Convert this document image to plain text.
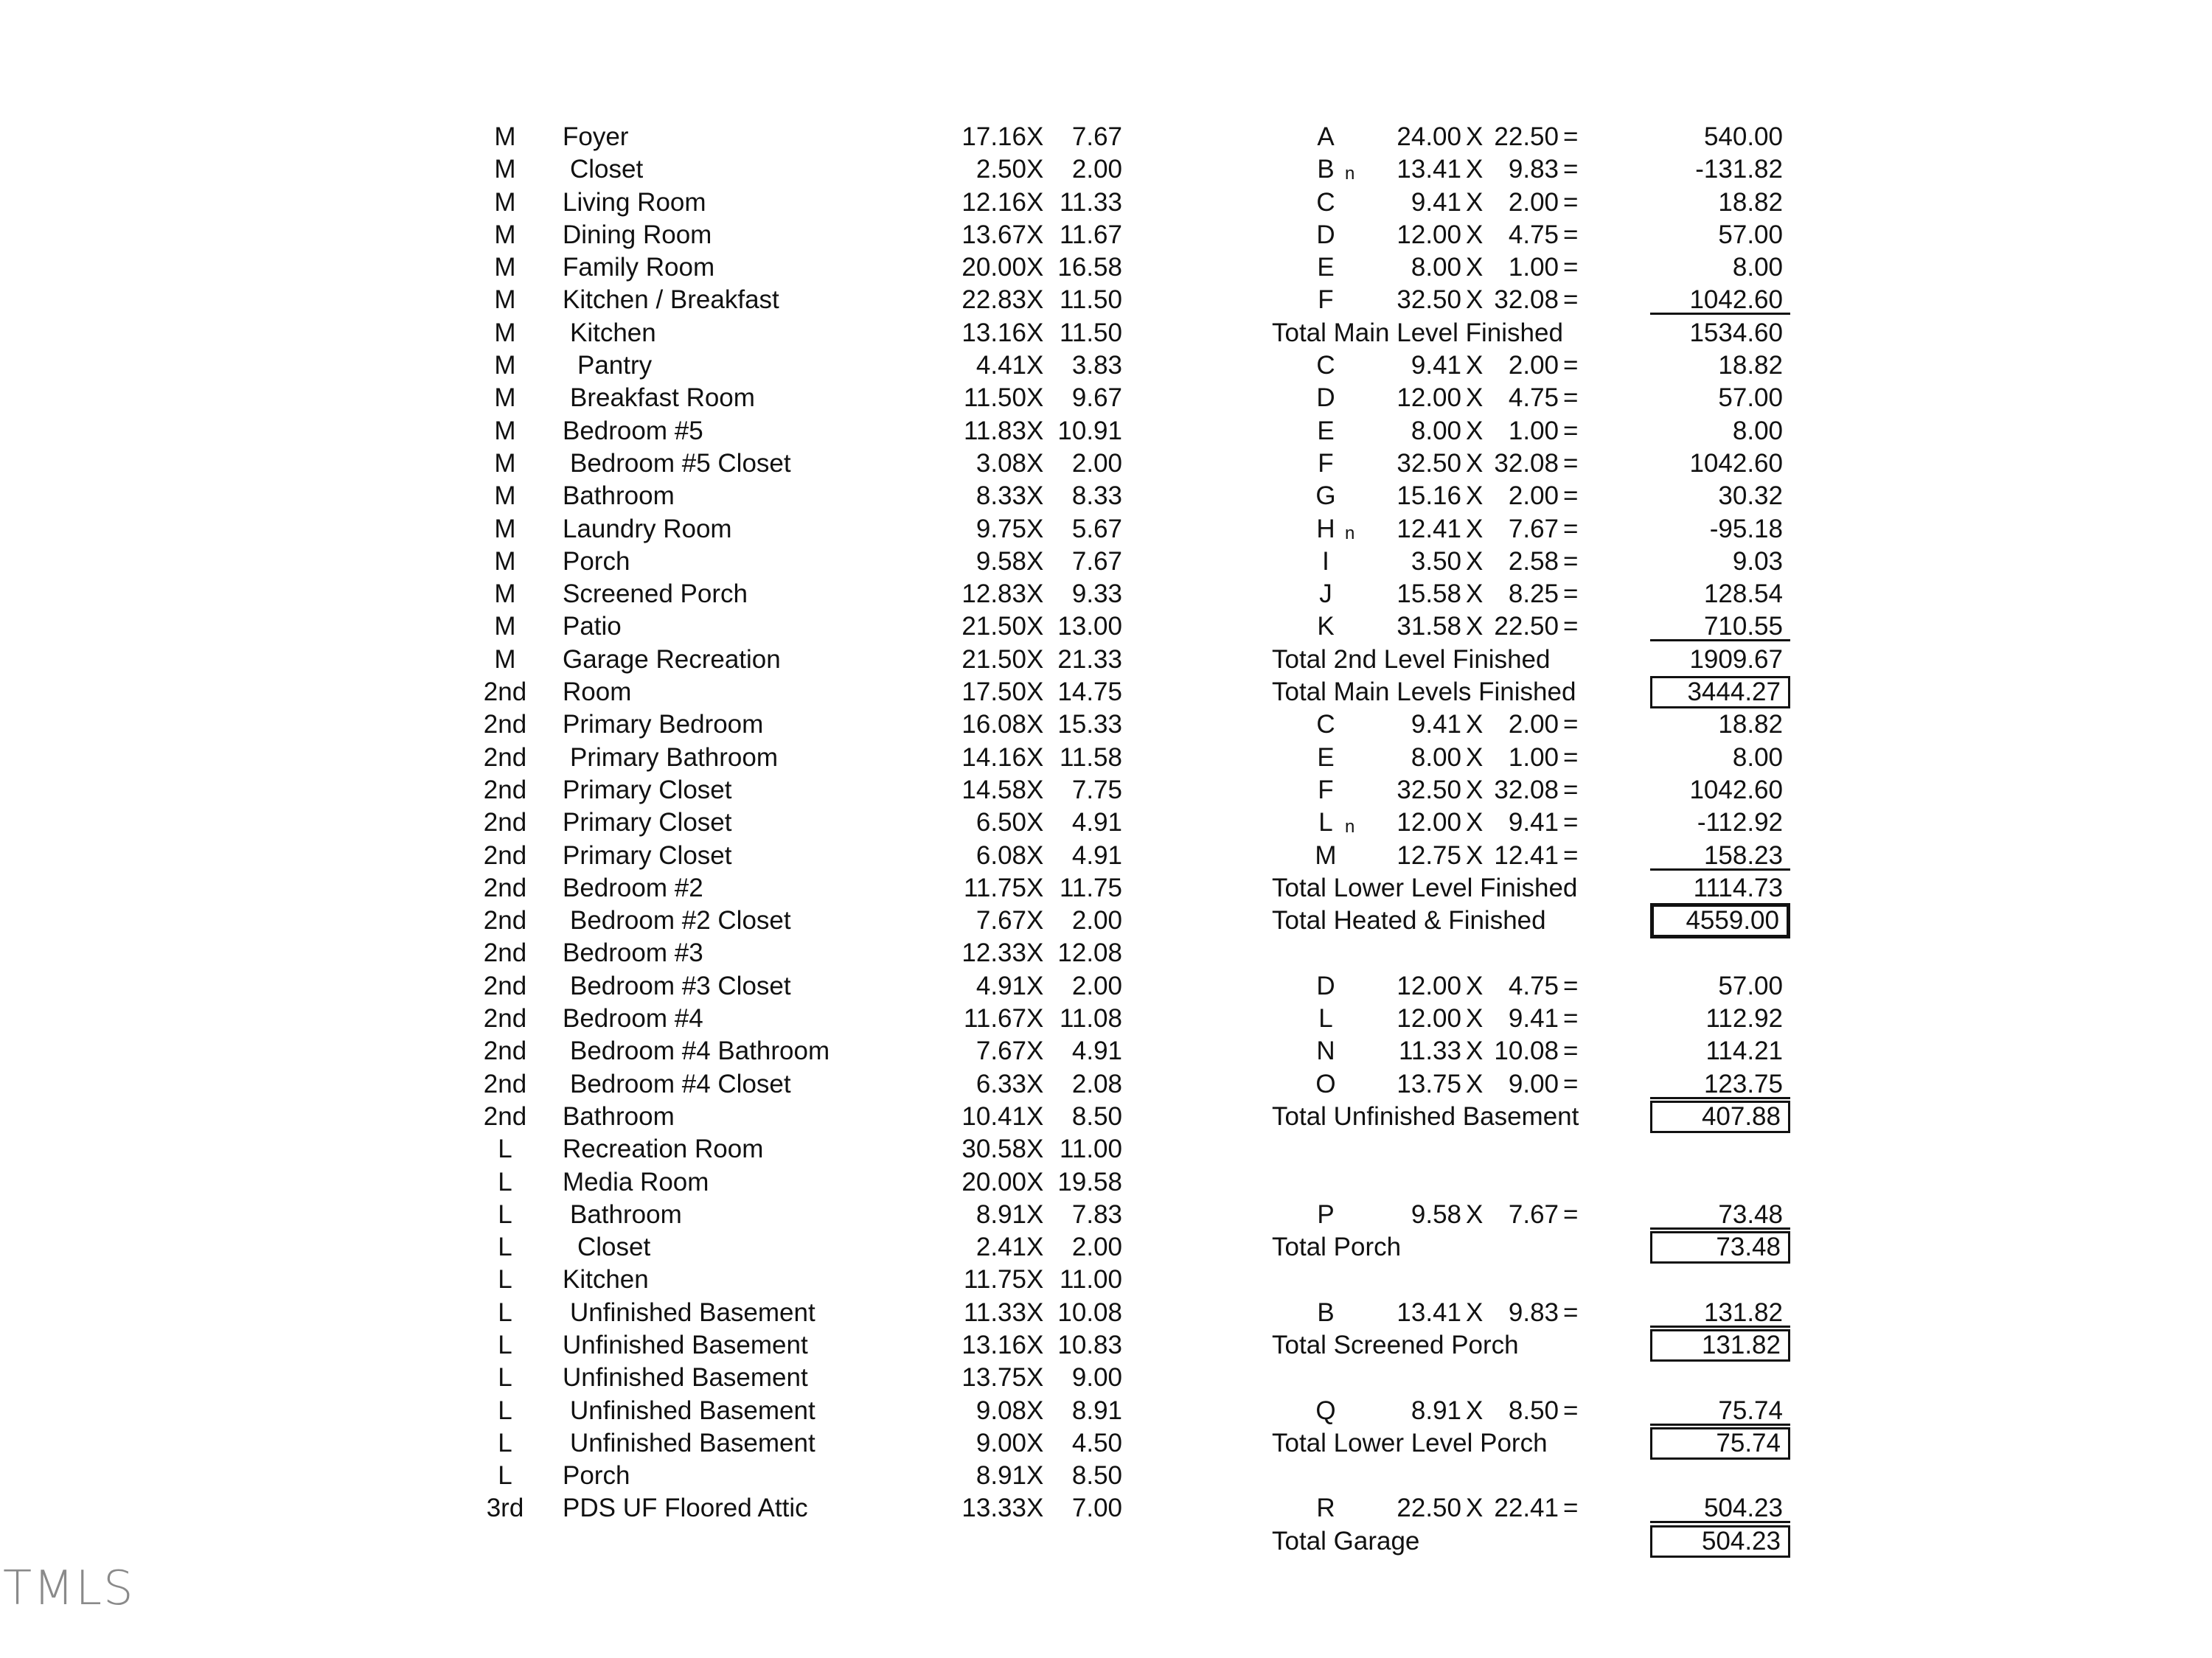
M	Foyer	17.16 X	7.67
M	Closet	2.50 X	2.00
M	Living Room	12.16 X 11.33
M	Dining Room	13.67 X 11.67
M	Family Room	20.00 X 16.58
M	Kitchen / Breakfast	22.83 X 11.50
M	Kitchen	13.16 X 11.50
M	Pantry	4.41 X	3.83
M	Breakfast Room	11.50 X	9.67
M	Bedroom #5	11.83 X 10.91
M	Bedroom #5 Closet	3.08 X	2.00
M	Bathroom	8.33 X	8.33
M	Laundry Room	9.75 X	5.67
M	Porch	9.58 X	7.67
M	Screened Porch	12.83 X	9.33
M	Patio	21.50 X 13.00
M	Garage Recreation	21.50 X 21.33
2nd	Room	17.50 X 14.75
2nd	Primary Bedroom	16.08 X 15.33
2nd	Primary Bathroom	14.16 X 11.58
2nd	Primary Closet	14.58 X	7.75
2nd	Primary Closet	6.50 X	4.91
2nd	Primary Closet	6.08 X	4.91
2nd	Bedroom #2	11.75 X 11.75
2nd	Bedroom #2 Closet	7.67 X	2.00
2nd	Bedroom #3	12.33 X 12.08
2nd	Bedroom #3 Closet	4.91 X	2.00
2nd	Bedroom #4	11.67 X 11.08
2nd	Bedroom #4 Bathroom	7.67 X	4.91
2nd	Bedroom #4 Closet	6.33 X	2.08
2nd	Bathroom	10.41 X	8.50
L	Recreation Room	30.58 X 11.00
L	Media Room	20.00 X 19.58
L	Bathroom	8.91 X	7.83
L	Closet	2.41 X	2.00
L	Kitchen	11.75 X 11.00
L	Unfinished Basement	11.33 X 10.08
L	Unfinished Basement	13.16 X 10.83
L	Unfinished Basement	13.75 X	9.00
L	Unfinished Basement	9.08 X	8.91
L	Unfinished Basement	9.00 X	4.50
L	Porch	8.91 X	8.50
3rd	PDS UF Floored Attic	13.33 X	7.00
A	24.00 X 22.50 =	540.00
B n	13.41 X 9.83 =	-131.82
C	9.41 X 2.00 =	18.82
D	12.00 X 4.75 =	57.00
E	8.00 X 1.00 =	8.00
F	32.50 X 32.08 =	1042.60
Total Main Level Finished	1534.60
C	9.41 X 2.00 =	18.82
D	12.00 X 4.75 =	57.00
E	8.00 X 1.00 =	8.00
F	32.50 X 32.08 =	1042.60
G	15.16 X 2.00 =	30.32
H n	12.41 X 7.67 =	-95.18
I	3.50 X 2.58 =	9.03
J	15.58 X 8.25 =	128.54
K	31.58 X 22.50 =	710.55
Total 2nd Level Finished	1909.67
Total Main Levels Finished	3444.27
C	9.41 X 2.00 =	18.82
E	8.00 X 1.00 =	8.00
F	32.50 X 32.08 =	1042.60
L n	12.00 X 9.41 =	-112.92
M	12.75 X 12.41 =	158.23
Total Lower Level Finished	1114.73
Total Heated & Finished	4559.00
D	12.00 X 4.75 =	57.00
L	12.00 X 9.41 =	112.92
N	11.33 X 10.08 =	114.21
O	13.75 X 9.00 =	123.75
Total Unfinished Basement	407.88
P	9.58 X 7.67 =	73.48
Total Porch	73.48
B	13.41 X 9.83 =	131.82
Total Screened Porch	131.82
Q	8.91 X 8.50 =	75.74
Total Lower Level Porch	75.74
R	22.50 X 22.41 =	504.23
Total Garage	504.23
TMLS
